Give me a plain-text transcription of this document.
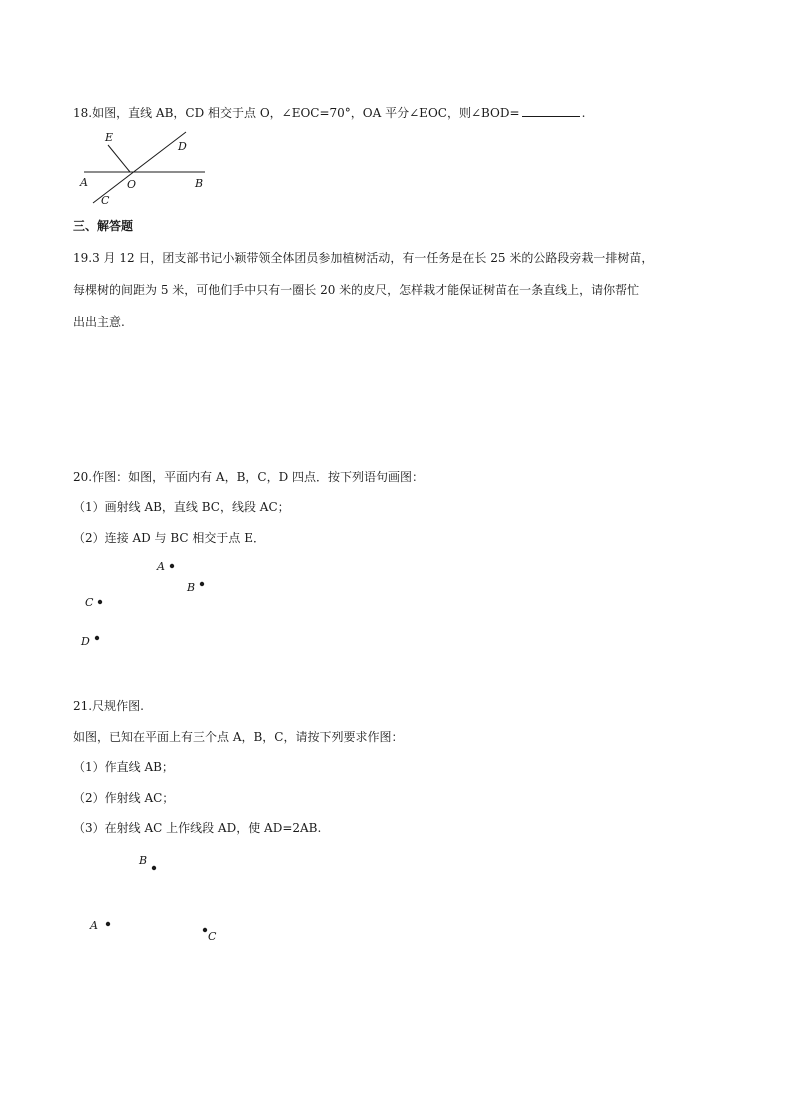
18.如图，直线 AB，CD 相交于点 O，∠EOC=70°，OA 平分∠EOC，则∠BOD=	.
E
D
A	O	B
C
三、解答题
19.3 月 12 日，团支部书记小颖带领全体团员参加植树活动，有一任务是在长 25 米的公路段旁栽一排树苗，
每棵树的间距为 5 米，可他们手中只有一圈长 20 米的皮尺，怎样栽才能保证树苗在一条直线上，请你帮忙
出出主意.
20.作图：如图，平面内有 A，B，C，D 四点．按下列语句画图：
（1）画射线 AB，直线 BC，线段 AC；
（2）连接 AD 与 BC 相交于点 E．
A
B
C
D
21.尺规作图.
如图，已知在平面上有三个点 A，B，C，请按下列要求作图：
（1）作直线 AB；
（2）作射线 AC；
（3）在射线 AC 上作线段 AD，使 AD=2AB.
B
A
C
